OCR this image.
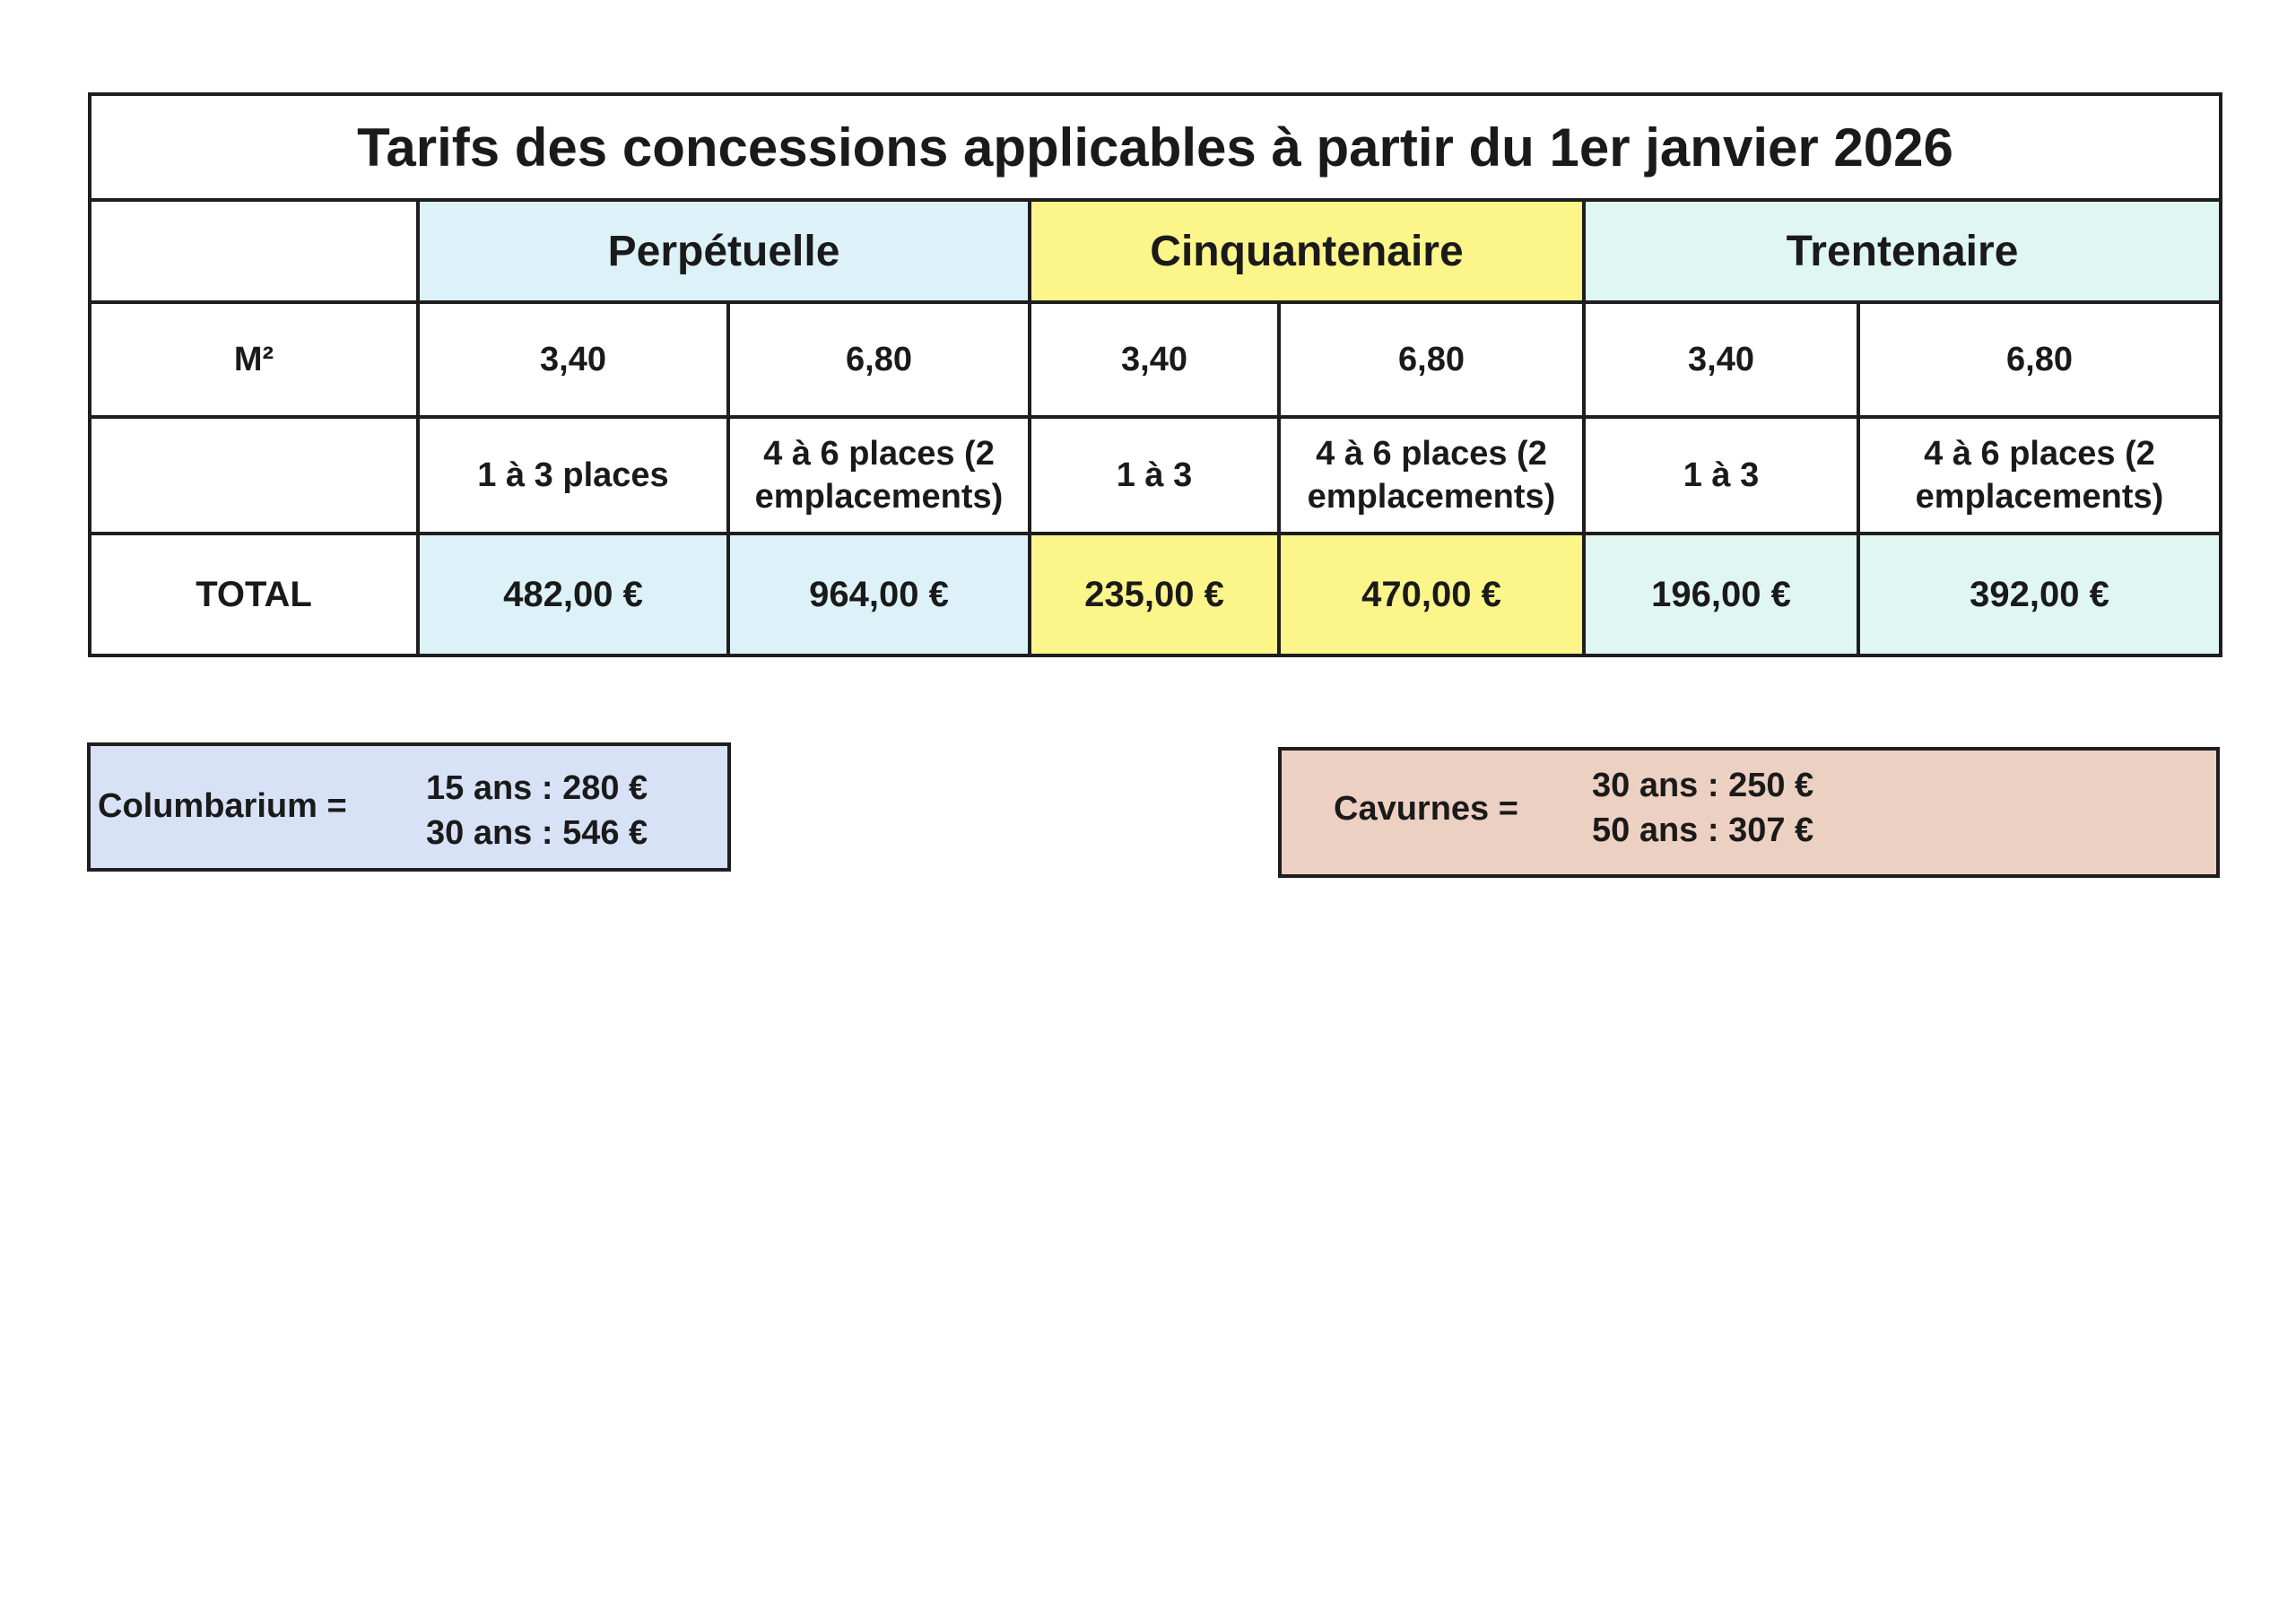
Tarifs des concessions applicables à partir du 1er janvier 2026						
	Perpétuelle		Cinquantenaire		Trentenaire	
M²	3,40	6,80	3,40	6,80	3,40	6,80
	1 à 3 places	4 à 6 places (2 emplacements)	1 à 3	4 à 6 places (2 emplacements)	1 à 3	4 à 6 places (2 emplacements)
TOTAL	482,00 €	964,00 €	235,00 €	470,00 €	196,00 €	392,00 €
Columbarium = 15 ans : 280 €
30 ans : 546 €
Cavurnes =
30 ans : 250 €
50 ans : 307 €
